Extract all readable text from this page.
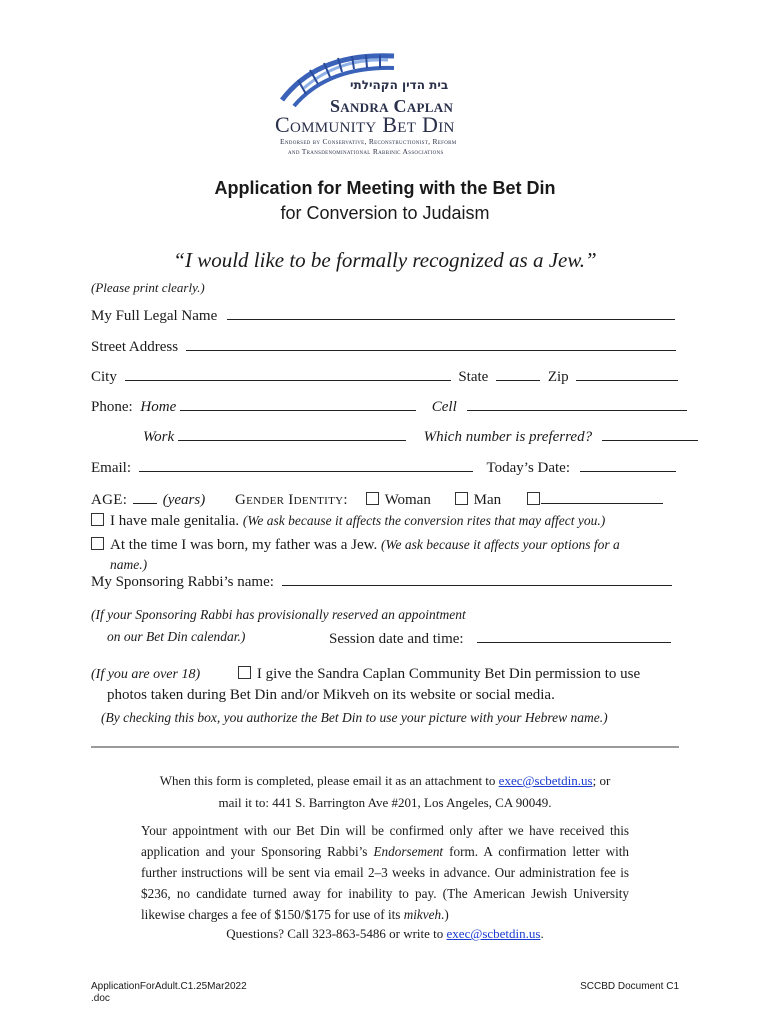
בית הדין הקהילתי
Sandra Caplan
Community Bet Din
Endorsed by Conservative, Reconstructionist, Reform
and Transdenominational Rabbinic Associations
Application for Meeting with the Bet Din
for Conversion to Judaism
“I would like to be formally recognized as a Jew.”
(Please print clearly.)
My Full Legal Name
Street Address
City	State	Zip
Phone: Home	Cell
Work	Which number is preferred?
Email:	Today’s Date:
AGE: (years) Gender Identity: Woman	Man
I have male genitalia. (We ask because it affects the conversion rites that may affect you.)
At the time I was born, my father was a Jew. (We ask because it affects your options for a
name.)
My Sponsoring Rabbi’s name:
(If your Sponsoring Rabbi has provisionally reserved an appointment
on our Bet Din calendar.)	Session date and time:
(If you are over 18)	I give the Sandra Caplan Community Bet Din permission to use
photos taken during Bet Din and/or Mikveh on its website or social media.
(By checking this box, you authorize the Bet Din to use your picture with your Hebrew name.)
When this form is completed, please email it as an attachment to exec@scbetdin.us; or
mail it to: 441 S. Barrington Ave #201, Los Angeles, CA 90049.
Your appointment with our Bet Din will be confirmed only after we have received this application and your Sponsoring Rabbi’s Endorsement form. A confirmation letter with further instructions will be sent via email 2–3 weeks in advance. Our administration fee is $236, no candidate turned away for inability to pay. (The American Jewish University likewise charges a fee of $150/$175 for use of its mikveh.)
Questions? Call 323-863-5486 or write to exec@scbetdin.us.
ApplicationForAdult.C1.25Mar2022
.doc
SCCBD Document C1
